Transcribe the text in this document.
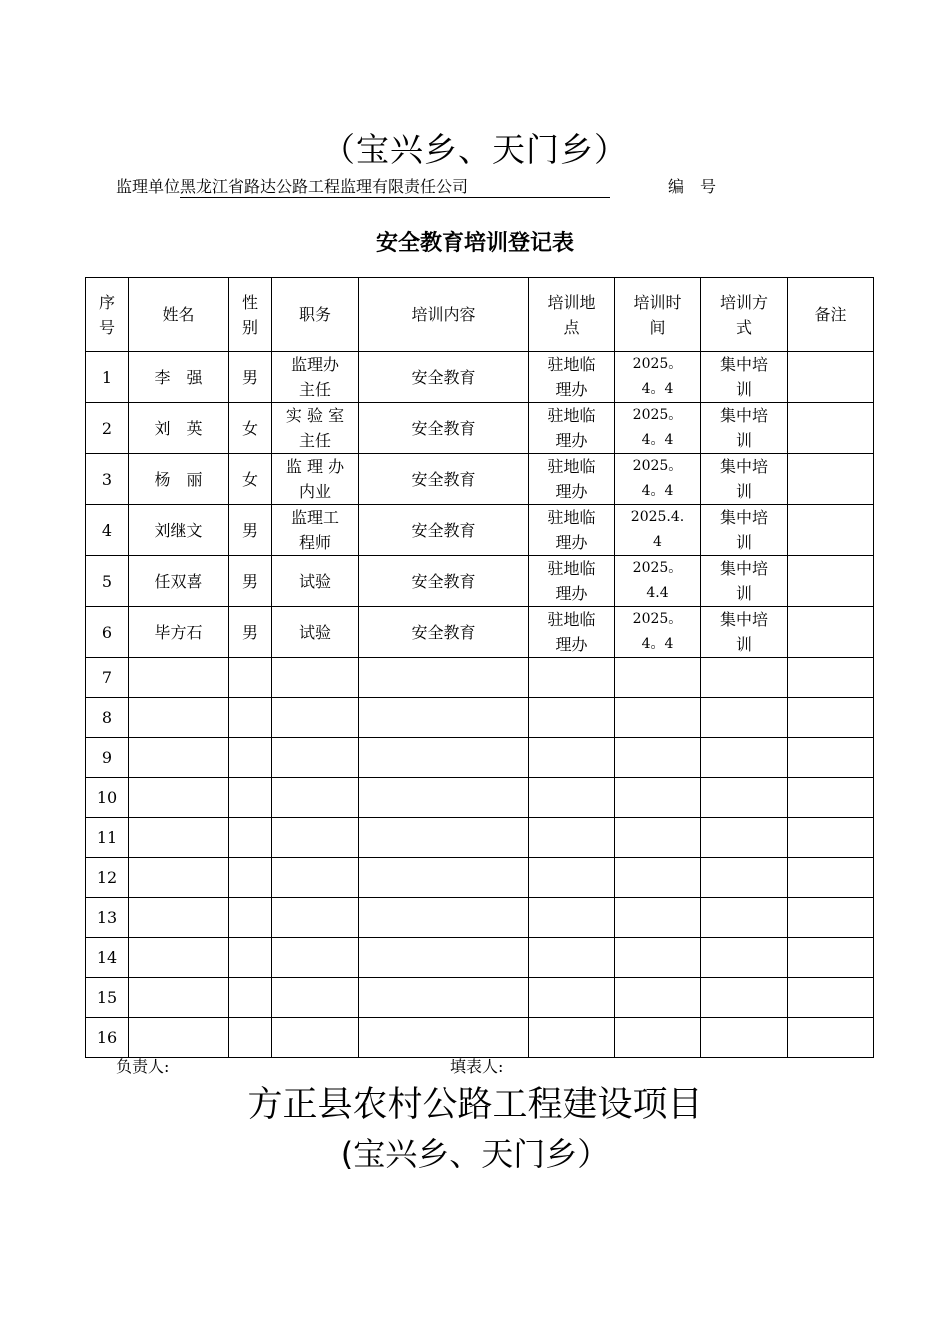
（宝兴乡、天门乡）
监理单位黑龙江省路达公路工程监理有限责任公司	编　号
安全教育培训登记表
序号	姓名	性别	职务	培训内容	培训地点	培训时间	培训方式	备注
1	李　强	男	监理办主任	安全教育	驻地临理办	2025。4。4	集中培训	

2	刘　英	女	实 验 室 主任	安全教育	驻地临理办	2025。4。4	集中培训	

3	杨　丽	女	监 理 办 内业	安全教育	驻地临理办	2025。4。4	集中培训	

4	刘继文	男	监理工程师	安全教育	驻地临理办	2025.4.4	集中培训	

5	任双喜	男	试验	安全教育	驻地临理办	2025。4.4	集中培训	

6	毕方石	男	试验	安全教育	驻地临理办	2025。4。4	集中培训	

7								
8								
9								
10								
11								
12								
13								
14								
15								
16								
负责人:	填表人:
方正县农村公路工程建设项目
(宝兴乡、天门乡）
